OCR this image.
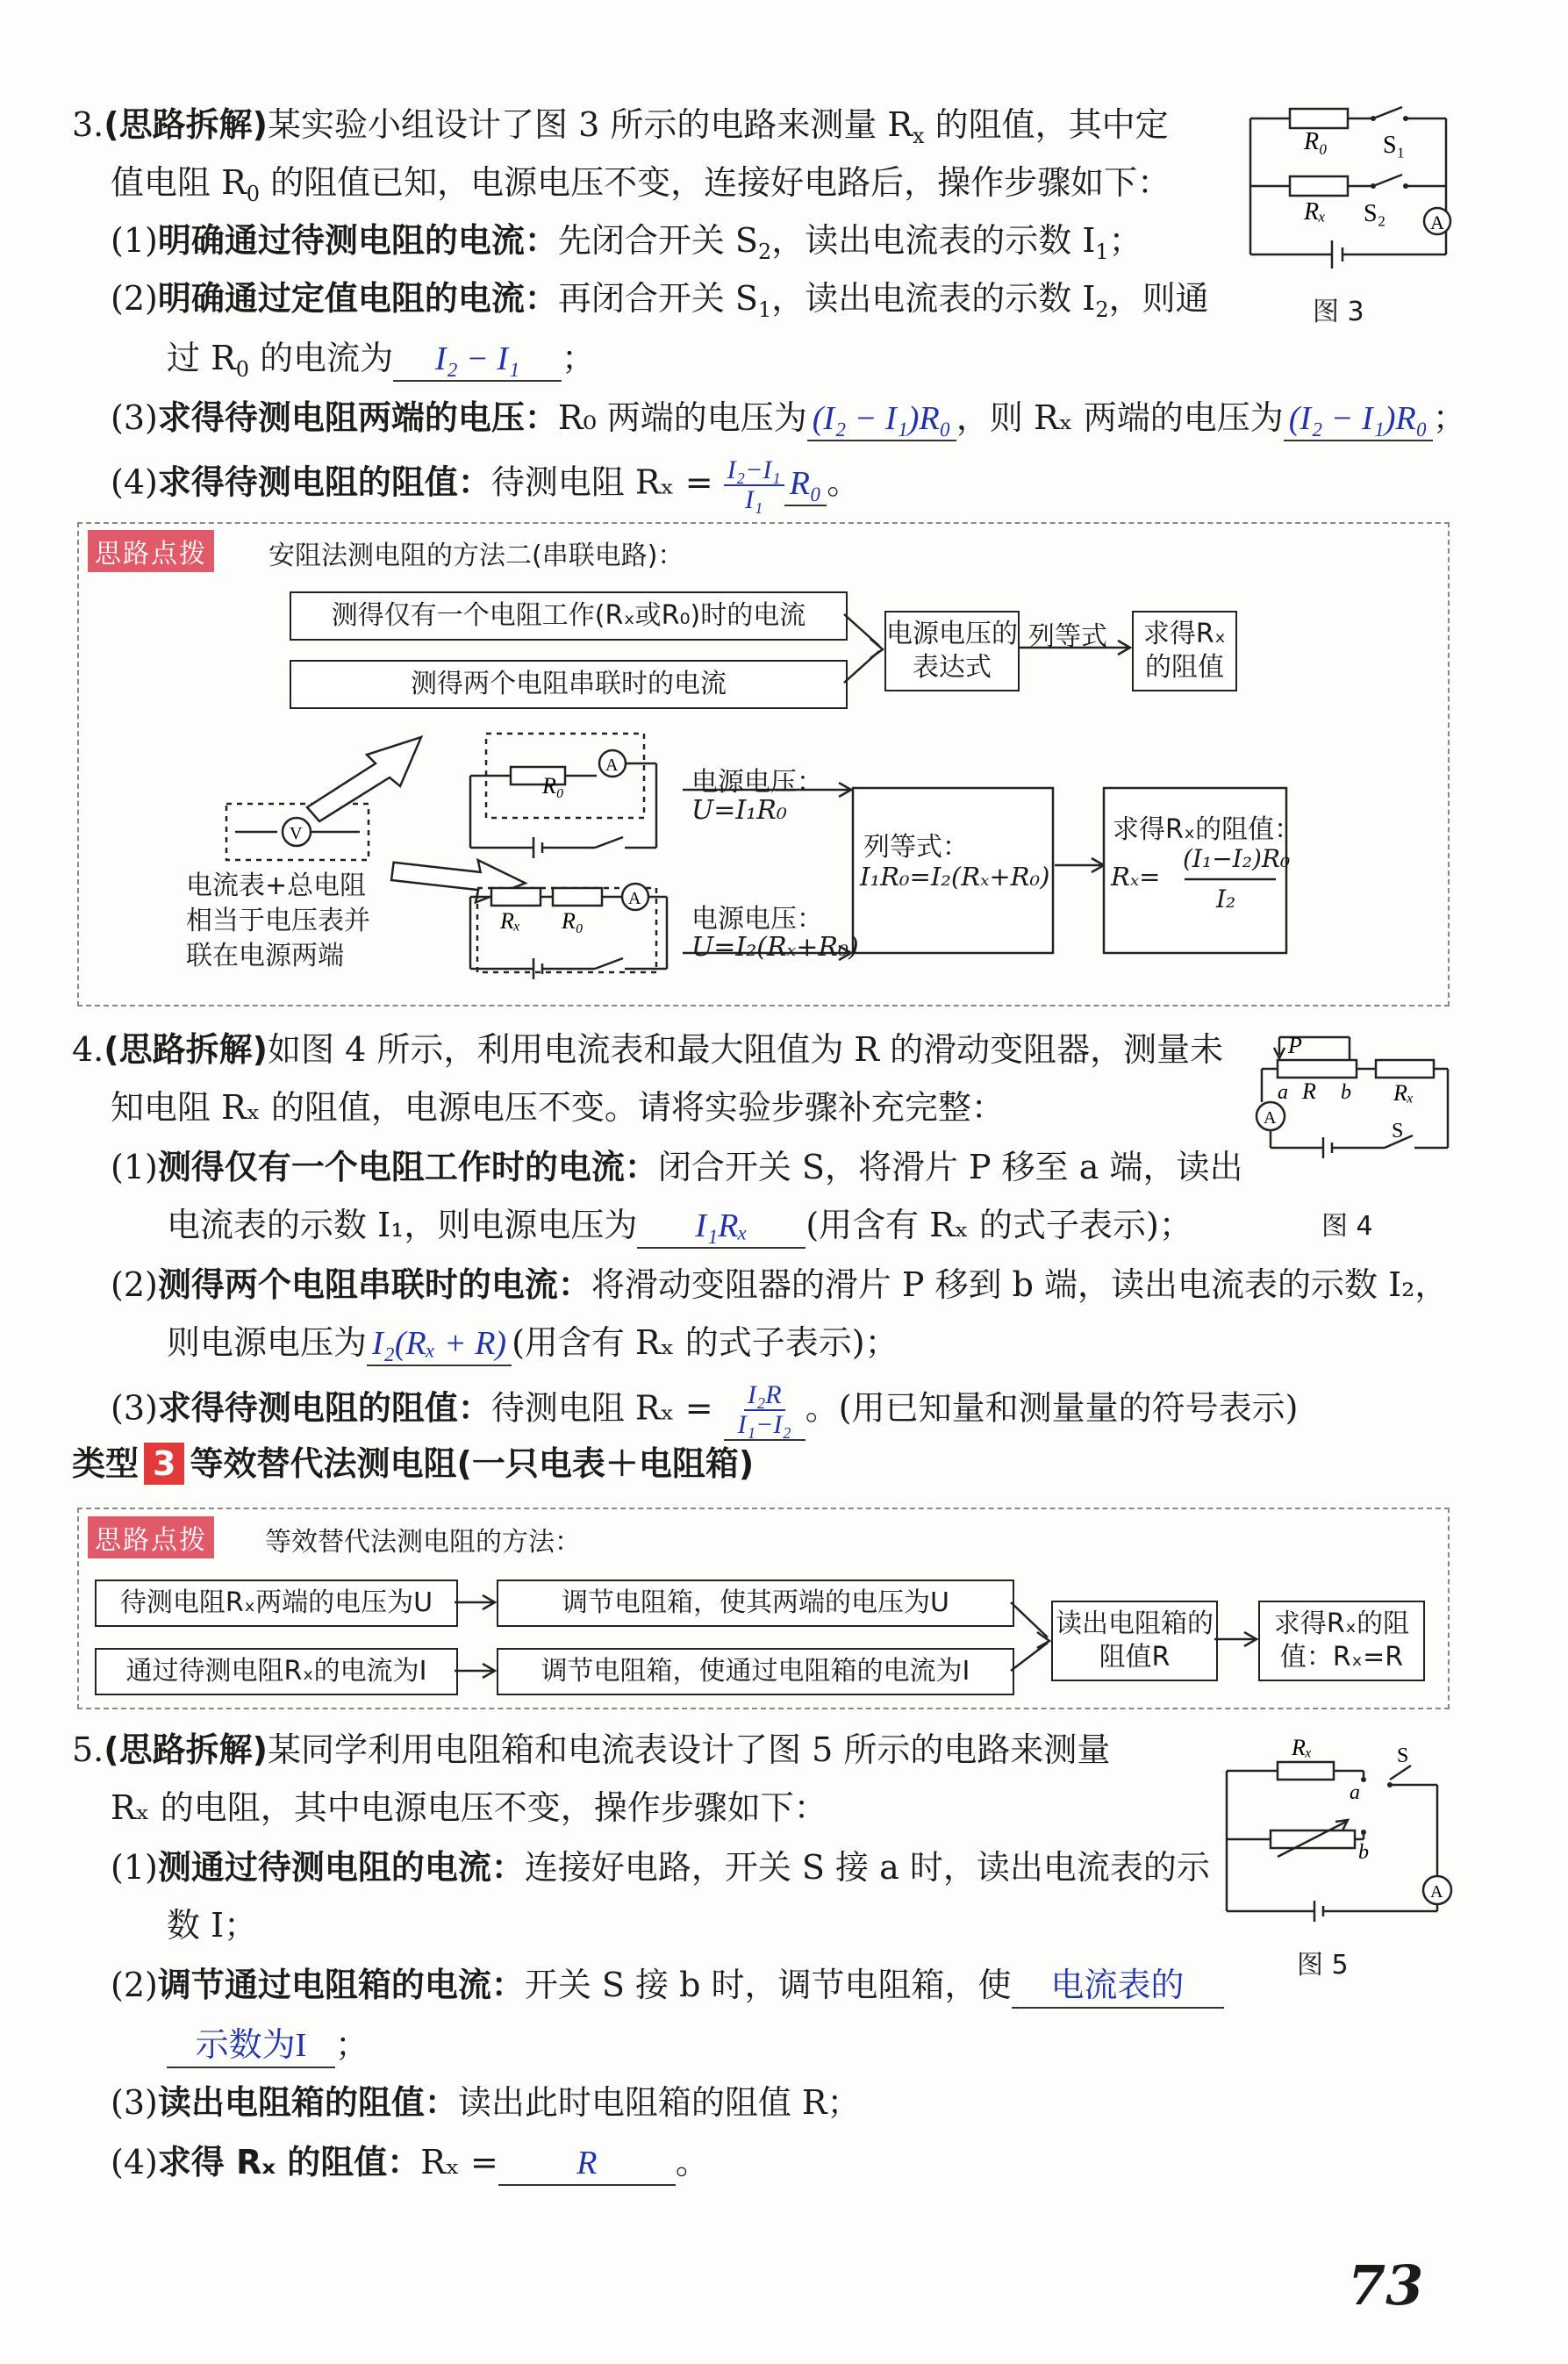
3.(思路拆解)某实验小组设计了图 3 所示的电路来测量 $R_x$ 的阻值，其中定
值电阻 $R_0$ 的阻值已知，电源电压不变，连接好电路后，操作步骤如下：
(1)明确通过待测电阻的电流：先闭合开关 $S_2$，读出电流表的示数 $I_1$；
(2)明确通过定值电阻的电流：再闭合开关 $S_1$，读出电流表的示数 $I_2$，则通
过 $R_0$ 的电流为 I₂ − I₁ ；
(3)求得待测电阻两端的电压：R₀ 两端的电压为 (I₂ − I₁)R₀ ，则 Rₓ 两端的电压为 (I₂ − I₁)R₀ ；
(4)求得待测电阻的阻值：待测电阻 $R_x = \frac{\text{I₂−I₁}}{\text{I₁}} R_0$ 。
R₀ S₁
Rₓ S₂ A
图 3
思路点拨 安阻法测电阻的方法二(串联电路)：
测得仅有一个电阻工作(Rₓ或R₀)时的电流
测得两个电阻串联时的电流
电源电压的表达式
列等式	求得Rₓ的阻值
R₀
A
V
Rₓ R₀
A
电流表+总电阻
相当于电压表并
联在电源两端
电源电压：
U=I₁R₀
电源电压：
U=I₂(Rₓ+R₀)
列等式：
I₁R₀=I₂(Rₓ+R₀)
求得Rₓ的阻值：
Rₓ=
(I₁−I₂)R₀
I₂
4.(思路拆解)如图 4 所示，利用电流表和最大阻值为 R 的滑动变阻器，测量未
知电阻 Rₓ 的阻值，电源电压不变。请将实验步骤补充完整：
(1)测得仅有一个电阻工作时的电流：闭合开关 S，将滑片 P 移至 a 端，读出
电流表的示数 I₁，则电源电压为 I₁Rₓ (用含有 Rₓ 的式子表示)；
(2)测得两个电阻串联时的电流：将滑动变阻器的滑片 P 移到 b 端，读出电流表的示数 I₂，
则电源电压为 I₂(Rₓ + R) (用含有 Rₓ 的式子表示)；
(3)求得待测电阻的阻值：待测电阻 $R_x = \frac{\text{I₂R}}{\text{I₁−I₂}}$ 。(用已知量和测量量的符号表示)
P
a R b Rₓ
S
A
图 4
类型 3 等效替代法测电阻(一只电表＋电阻箱)
思路点拨 等效替代法测电阻的方法：
待测电阻Rₓ两端的电压为U	调节电阻箱，使其两端的电压为U
通过待测电阻Rₓ的电流为I	调节电阻箱，使通过电阻箱的电流为I
读出电阻箱的阻值R
求得Rₓ的阻值：Rₓ=R
5.(思路拆解)某同学利用电阻箱和电流表设计了图 5 所示的电路来测量
Rₓ 的电阻，其中电源电压不变，操作步骤如下：
(1)测通过待测电阻的电流：连接好电路，开关 S 接 a 时，读出电流表的示
数 I；
(2)调节通过电阻箱的电流：开关 S 接 b 时，调节电阻箱，使 电流表的
示数为I ；
(3)读出电阻箱的阻值：读出此时电阻箱的阻值 R；
(4)求得 Rₓ 的阻值：Rₓ = R 。
Rₓ
a
S
b
A
图 5
73
